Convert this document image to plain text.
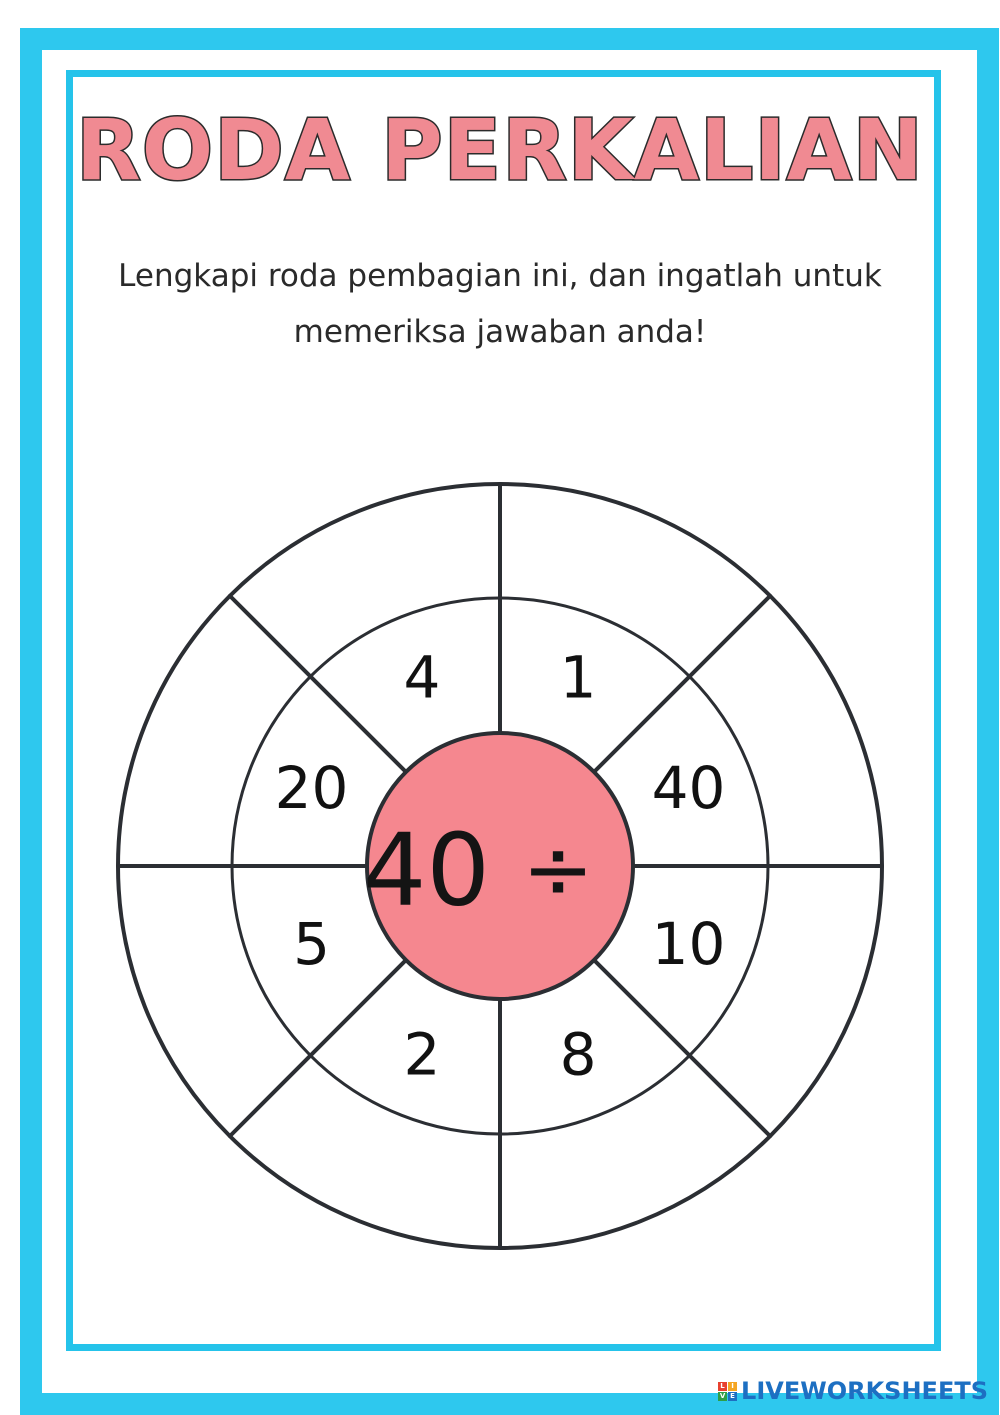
RODA PERKALIAN
Lengkapi roda pembagian ini, dan ingatlah untuk
memeriksa jawaban anda!
1
40
10
8
2
5
20
4
40 ÷
L I
V E LIVEWORKSHEETS
